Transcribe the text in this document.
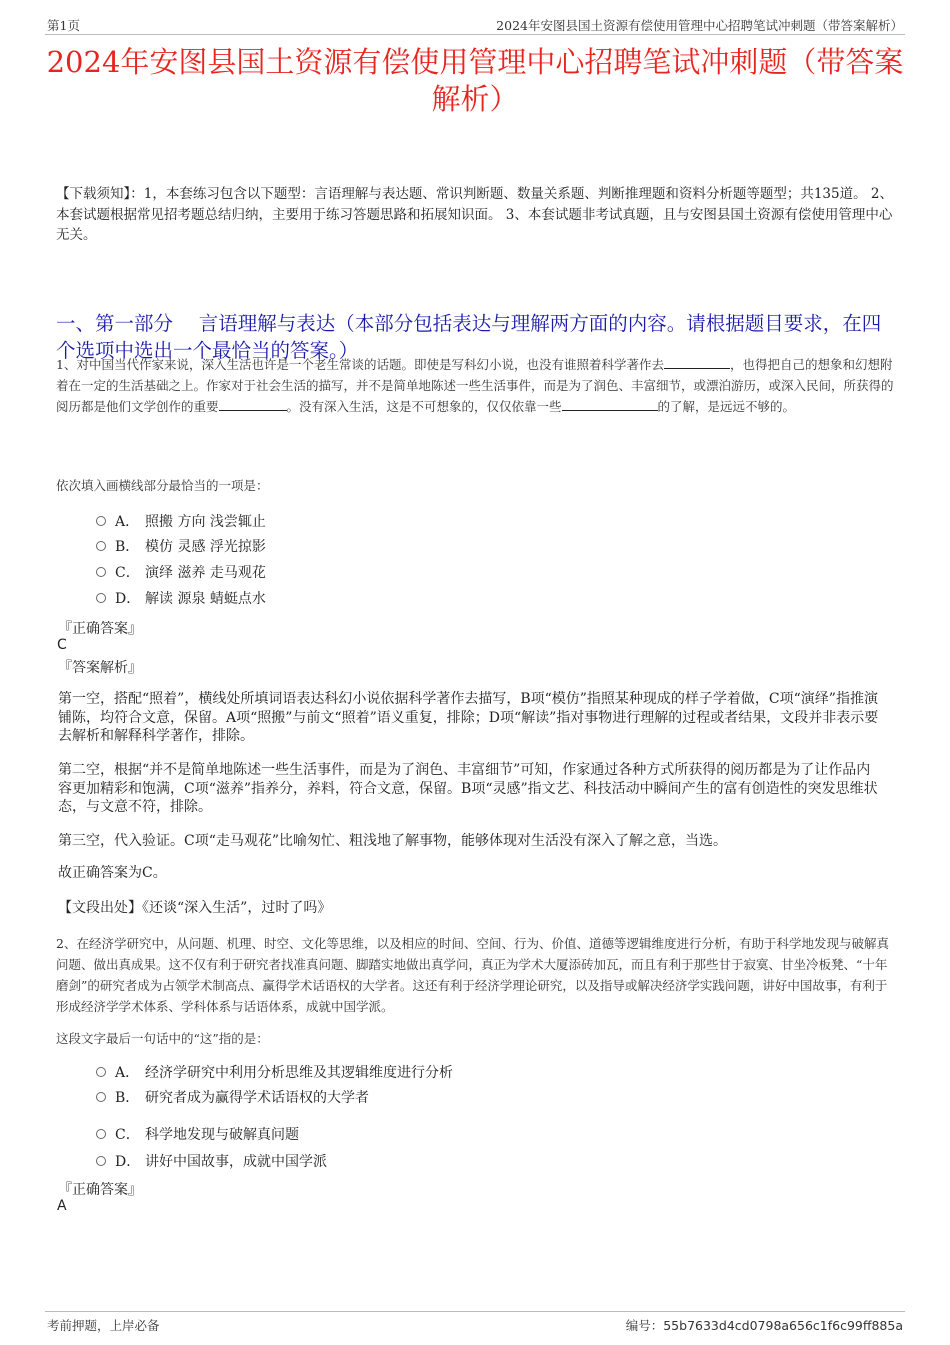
第1页	2024年安图县国土资源有偿使用管理中心招聘笔试冲刺题（带答案解析）
2024年安图县国土资源有偿使用管理中心招聘笔试冲刺题（带答案解析）
【下载须知】：1，本套练习包含以下题型：言语理解与表达题、常识判断题、数量关系题、判断推理题和资料分析题等题型；共135道。 2、本套试题根据常见招考题总结归纳，主要用于练习答题思路和拓展知识面。 3、本套试题非考试真题，且与安图县国土资源有偿使用管理中心无关。
一、第一部分　 言语理解与表达（本部分包括表达与理解两方面的内容。请根据题目要求，在四个选项中选出一个最恰当的答案。）
1、对中国当代作家来说，深入生活也许是一个老生常谈的话题。即使是写科幻小说，也没有谁照着科学著作去	，也得把自己的想象和幻想附着在一定的生活基础之上。作家对于社会生活的描写，并不是简单地陈述一些生活事件，而是为了润色、丰富细节，或漂泊游历，或深入民间，所获得的阅历都是他们文学创作的重要	。没有深入生活，这是不可想象的，仅仅依靠一些	的了解，是远远不够的。
依次填入画横线部分最恰当的一项是：
A． 照搬 方向 浅尝辄止
B． 模仿 灵感 浮光掠影
C． 演绎 滋养 走马观花
D． 解读 源泉 蜻蜓点水
『正确答案』
C
『答案解析』
第一空，搭配“照着”，横线处所填词语表达科幻小说依据科学著作去描写，B项“模仿”指照某种现成的样子学着做，C项“演绎”指推演铺陈，均符合文意，保留。A项“照搬”与前文“照着”语义重复，排除；D项“解读”指对事物进行理解的过程或者结果，文段并非表示要去解析和解释科学著作，排除。
第二空，根据“并不是简单地陈述一些生活事件，而是为了润色、丰富细节”可知，作家通过各种方式所获得的阅历都是为了让作品内容更加精彩和饱满，C项“滋养”指养分，养料，符合文意，保留。B项“灵感”指文艺、科技活动中瞬间产生的富有创造性的突发思维状态，与文意不符，排除。
第三空，代入验证。C项“走马观花”比喻匆忙、粗浅地了解事物，能够体现对生活没有深入了解之意，当选。
故正确答案为C。
【文段出处】《还谈“深入生活”，过时了吗》
2、在经济学研究中，从问题、机理、时空、文化等思维，以及相应的时间、空间、行为、价值、道德等逻辑维度进行分析，有助于科学地发现与破解真问题、做出真成果。这不仅有利于研究者找准真问题、脚踏实地做出真学问，真正为学术大厦添砖加瓦，而且有利于那些甘于寂寞、甘坐冷板凳、“十年磨剑”的研究者成为占领学术制高点、赢得学术话语权的大学者。这还有利于经济学理论研究，以及指导或解决经济学实践问题，讲好中国故事，有利于形成经济学学术体系、学科体系与话语体系，成就中国学派。
这段文字最后一句话中的“这”指的是：
A． 经济学研究中利用分析思维及其逻辑维度进行分析
B． 研究者成为赢得学术话语权的大学者
C． 科学地发现与破解真问题
D． 讲好中国故事，成就中国学派
『正确答案』
A
考前押题，上岸必备	编号：55b7633d4cd0798a656c1f6c99ff885a
